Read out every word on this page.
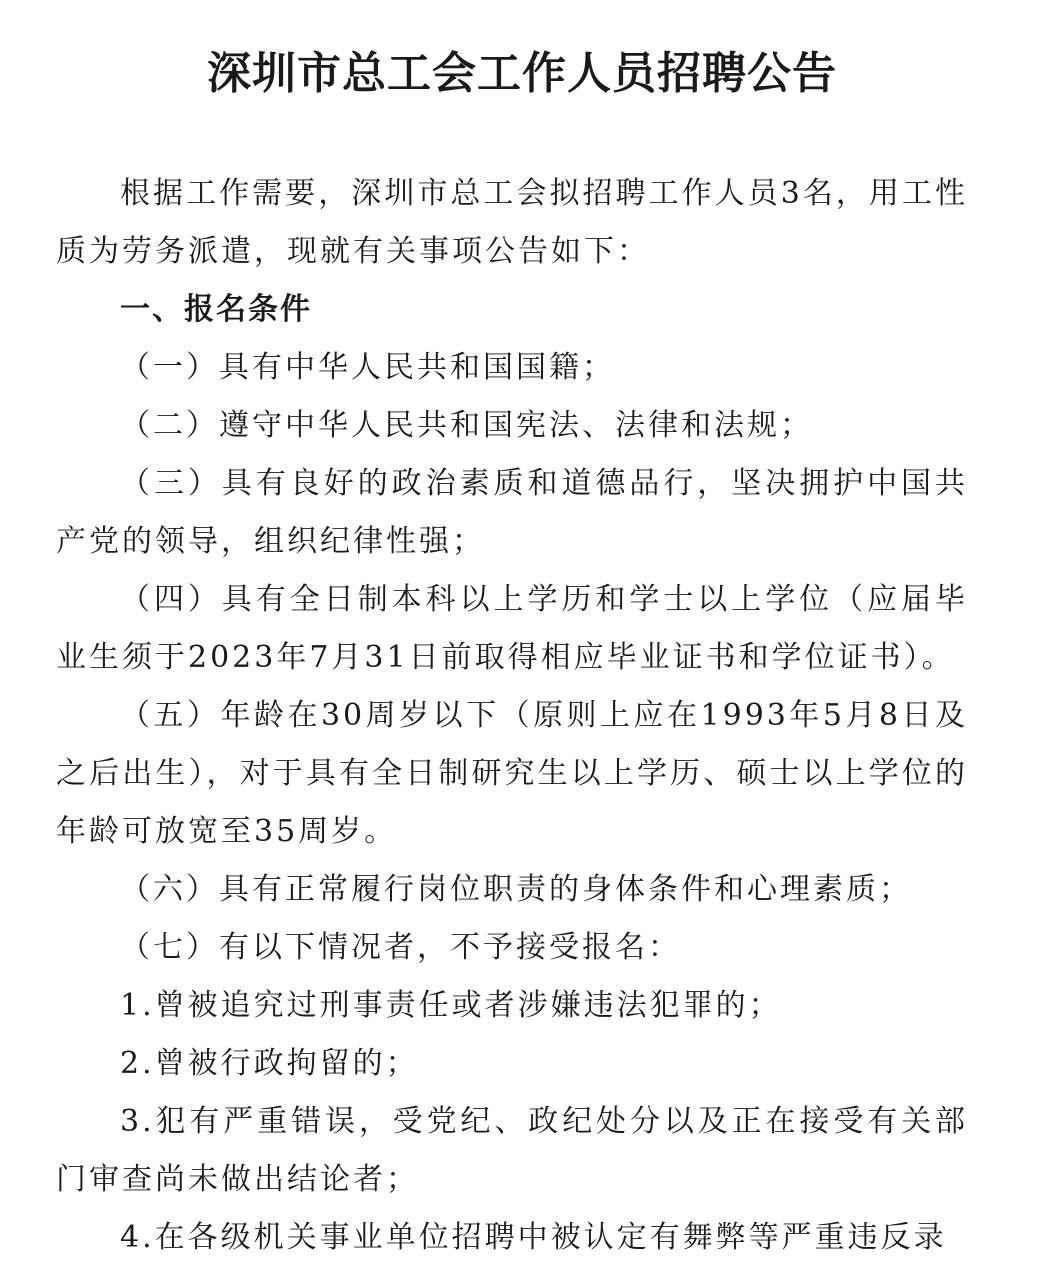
深圳市总工会工作人员招聘公告

根据工作需要，深圳市总工会拟招聘工作人员3名，用工性质为劳务派遣，现就有关事项公告如下：

一、报名条件

（一）具有中华人民共和国国籍；

（二）遵守中华人民共和国宪法、法律和法规；

（三）具有良好的政治素质和道德品行，坚决拥护中国共产党的领导，组织纪律性强；

（四）具有全日制本科以上学历和学士以上学位（应届毕业生须于2023年7月31日前取得相应毕业证书和学位证书）。

（五）年龄在30周岁以下（原则上应在1993年5月8日及之后出生），对于具有全日制研究生以上学历、硕士以上学位的年龄可放宽至35周岁。

（六）具有正常履行岗位职责的身体条件和心理素质；

（七）有以下情况者，不予接受报名：

1.曾被追究过刑事责任或者涉嫌违法犯罪的；

2.曾被行政拘留的；

3.犯有严重错误，受党纪、政纪处分以及正在接受有关部门审查尚未做出结论者；

4.在各级机关事业单位招聘中被认定有舞弊等严重违反录
